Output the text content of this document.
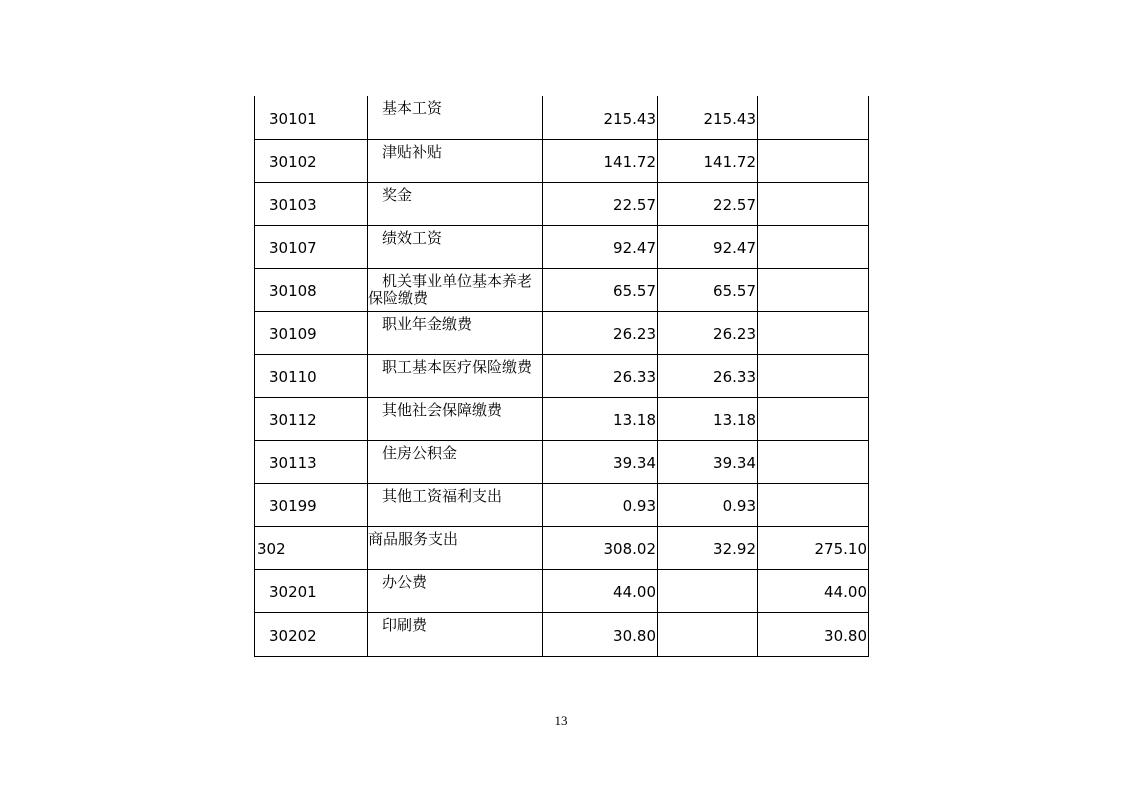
30101	基本工资	215.43	215.43	
30102	津贴补贴	141.72	141.72	
30103	奖金	22.57	22.57	
30107	绩效工资	92.47	92.47	
30108	机关事业单位基本养老保险缴费	65.57	65.57	
30109	职业年金缴费	26.23	26.23	
30110	职工基本医疗保险缴费	26.33	26.33	
30112	其他社会保障缴费	13.18	13.18	
30113	住房公积金	39.34	39.34	
30199	其他工资福利支出	0.93	0.93	
302	商品服务支出	308.02	32.92	275.10
30201	办公费	44.00		44.00
30202	印刷费	30.80		30.80
13
